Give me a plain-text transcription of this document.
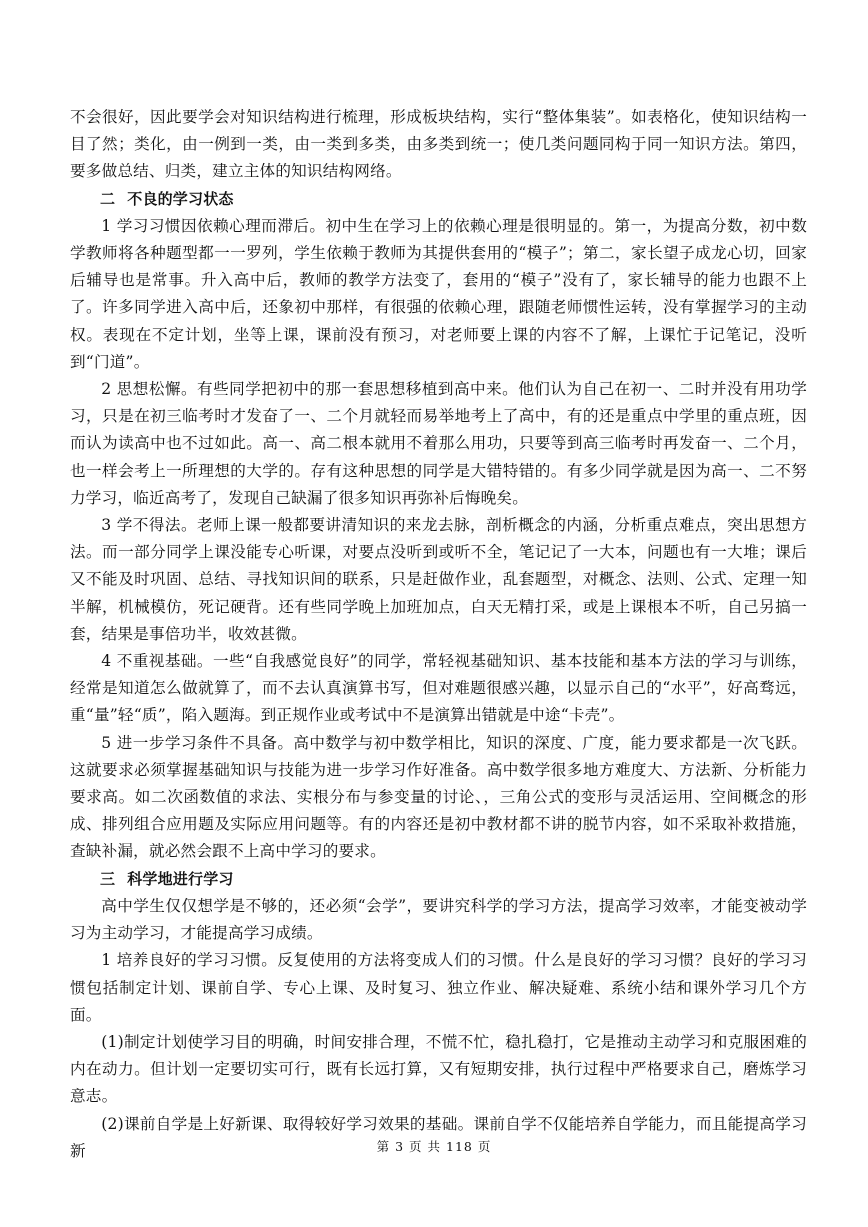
不会很好，因此要学会对知识结构进行梳理，形成板块结构，实行“整体集装”。如表格化，使知识结构一目了然；类化，由一例到一类，由一类到多类，由多类到统一；使几类问题同构于同一知识方法。第四，要多做总结、归类，建立主体的知识结构网络。

二 不良的学习状态

1 学习习惯因依赖心理而滞后。初中生在学习上的依赖心理是很明显的。第一，为提高分数，初中数学教师将各种题型都一一罗列，学生依赖于教师为其提供套用的“模子”；第二，家长望子成龙心切，回家后辅导也是常事。升入高中后，教师的教学方法变了，套用的“模子”没有了，家长辅导的能力也跟不上了。许多同学进入高中后，还象初中那样，有很强的依赖心理，跟随老师惯性运转，没有掌握学习的主动权。表现在不定计划，坐等上课，课前没有预习，对老师要上课的内容不了解，上课忙于记笔记，没听到“门道”。

2 思想松懈。有些同学把初中的那一套思想移植到高中来。他们认为自己在初一、二时并没有用功学习，只是在初三临考时才发奋了一、二个月就轻而易举地考上了高中，有的还是重点中学里的重点班，因而认为读高中也不过如此。高一、高二根本就用不着那么用功，只要等到高三临考时再发奋一、二个月，也一样会考上一所理想的大学的。存有这种思想的同学是大错特错的。有多少同学就是因为高一、二不努力学习，临近高考了，发现自己缺漏了很多知识再弥补后悔晚矣。

3 学不得法。老师上课一般都要讲清知识的来龙去脉，剖析概念的内涵，分析重点难点，突出思想方法。而一部分同学上课没能专心听课，对要点没听到或听不全，笔记记了一大本，问题也有一大堆；课后又不能及时巩固、总结、寻找知识间的联系，只是赶做作业，乱套题型，对概念、法则、公式、定理一知半解，机械模仿，死记硬背。还有些同学晚上加班加点，白天无精打采，或是上课根本不听，自己另搞一套，结果是事倍功半，收效甚微。

4 不重视基础。一些“自我感觉良好”的同学，常轻视基础知识、基本技能和基本方法的学习与训练，经常是知道怎么做就算了，而不去认真演算书写，但对难题很感兴趣，以显示自己的“水平”，好高骛远，重“量”轻“质”，陷入题海。到正规作业或考试中不是演算出错就是中途“卡壳”。

5 进一步学习条件不具备。高中数学与初中数学相比，知识的深度、广度，能力要求都是一次飞跃。这就要求必须掌握基础知识与技能为进一步学习作好准备。高中数学很多地方难度大、方法新、分析能力要求高。如二次函数值的求法、实根分布与参变量的讨论、，三角公式的变形与灵活运用、空间概念的形成、排列组合应用题及实际应用问题等。有的内容还是初中教材都不讲的脱节内容，如不采取补救措施，查缺补漏，就必然会跟不上高中学习的要求。

三 科学地进行学习

高中学生仅仅想学是不够的，还必须“会学”，要讲究科学的学习方法，提高学习效率，才能变被动学习为主动学习，才能提高学习成绩。

1 培养良好的学习习惯。反复使用的方法将变成人们的习惯。什么是良好的学习习惯？良好的学习习惯包括制定计划、课前自学、专心上课、及时复习、独立作业、解决疑难、系统小结和课外学习几个方面。

(1)制定计划使学习目的明确，时间安排合理，不慌不忙，稳扎稳打，它是推动主动学习和克服困难的内在动力。但计划一定要切实可行，既有长远打算，又有短期安排，执行过程中严格要求自己，磨炼学习意志。

(2)课前自学是上好新课、取得较好学习效果的基础。课前自学不仅能培养自学能力，而且能提高学习新	第 3 页 共 118 页
